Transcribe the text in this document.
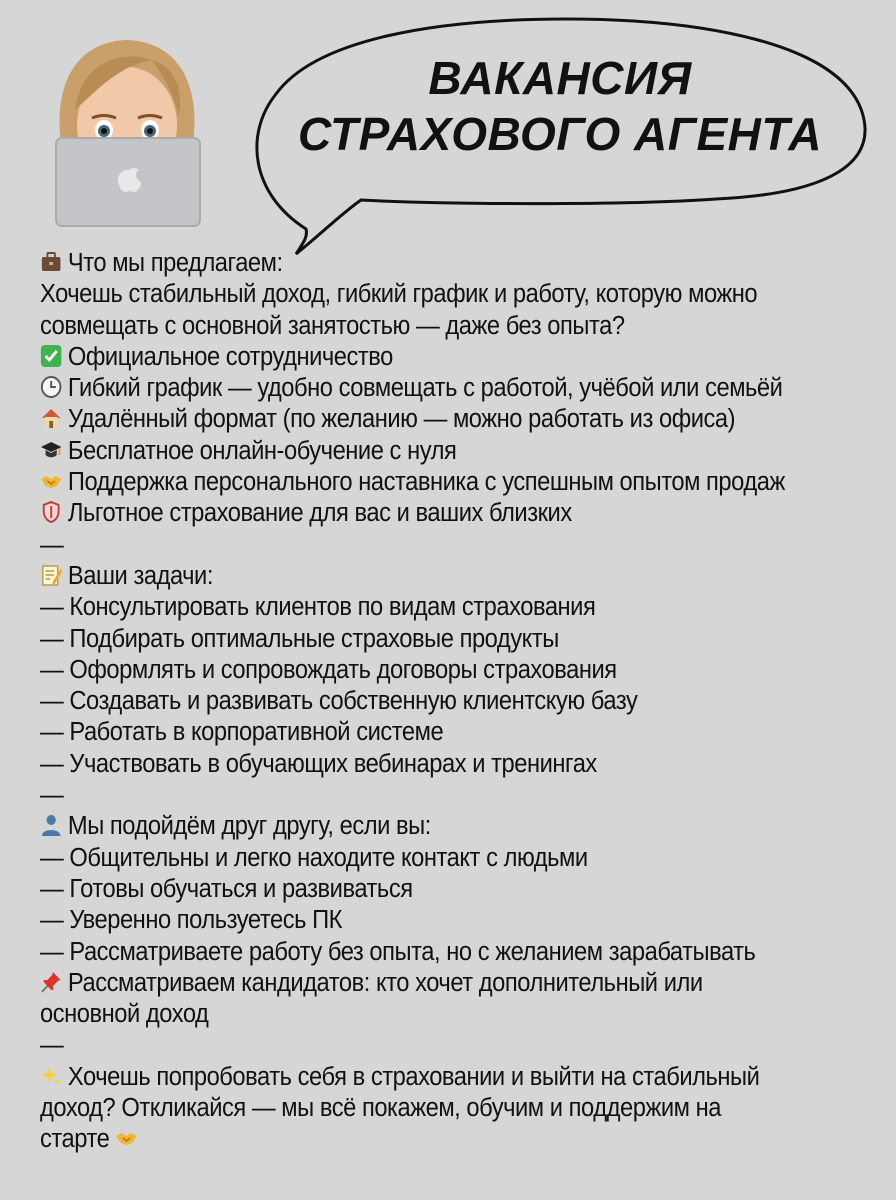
ВАКАНСИЯ
СТРАХОВОГО АГЕНТА
Что мы предлагаем:
Хочешь стабильный доход, гибкий график и работу, которую можно
совмещать с основной занятостью — даже без опыта?
Официальное сотрудничество
Гибкий график — удобно совмещать с работой, учёбой или семьёй
Удалённый формат (по желанию — можно работать из офиса)
Бесплатное онлайн-обучение с нуля
Поддержка персонального наставника с успешным опытом продаж
Льготное страхование для вас и ваших близких
—
Ваши задачи:
— Консультировать клиентов по видам страхования
— Подбирать оптимальные страховые продукты
— Оформлять и сопровождать договоры страхования
— Создавать и развивать собственную клиентскую базу
— Работать в корпоративной системе
— Участвовать в обучающих вебинарах и тренингах
—
Мы подойдём друг другу, если вы:
— Общительны и легко находите контакт с людьми
— Готовы обучаться и развиваться
— Уверенно пользуетесь ПК
— Рассматриваете работу без опыта, но с желанием зарабатывать
Рассматриваем кандидатов: кто хочет дополнительный или
основной доход
—
Хочешь попробовать себя в страховании и выйти на стабильный
доход? Откликайся — мы всё покажем, обучим и поддержим на
старте
